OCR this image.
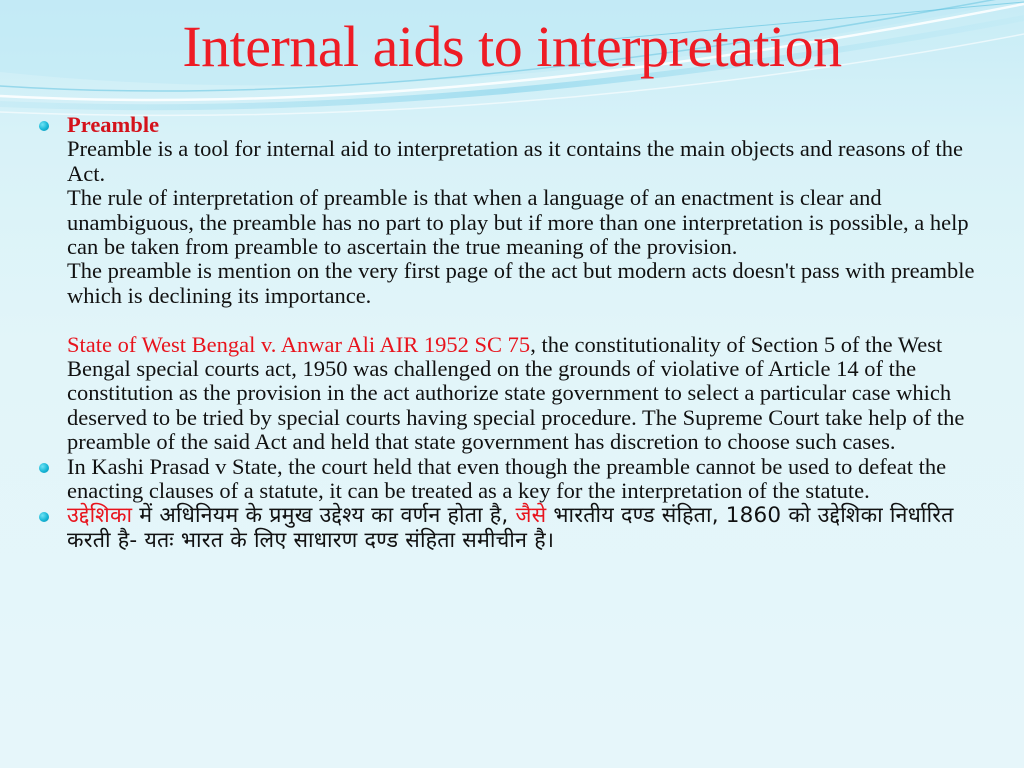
Internal aids to interpretation
Preamble
Preamble is a tool for internal aid to interpretation as it contains the main objects and reasons of the Act.
The rule of interpretation of preamble is that when a language of an enactment is clear and unambiguous, the preamble has no part to play but if more than one interpretation is possible, a help can be taken from preamble to ascertain the true meaning of the provision.
The preamble is mention on the very first page of the act but modern acts doesn't pass with preamble which is declining its importance.
State of West Bengal v. Anwar Ali AIR 1952 SC 75, the constitutionality of Section 5 of the West Bengal special courts act, 1950 was challenged on the grounds of violative of Article 14 of the constitution as the provision in the act authorize state government to select a particular case which deserved to be tried by special courts having special procedure. The Supreme Court take help of the preamble of the said Act and held that state government has discretion to choose such cases.
In Kashi Prasad v State, the court held that even though the preamble cannot be used to defeat the enacting clauses of a statute, it can be treated as a key for the interpretation of the statute.
उद्देशिका में अधिनियम के प्रमुख उद्देश्य का वर्णन होता है, जैसे भारतीय दण्ड संहिता, 1860 को उद्देशिका निर्धारित करती है- यतः भारत के लिए साधारण दण्ड संहिता समीचीन है।
